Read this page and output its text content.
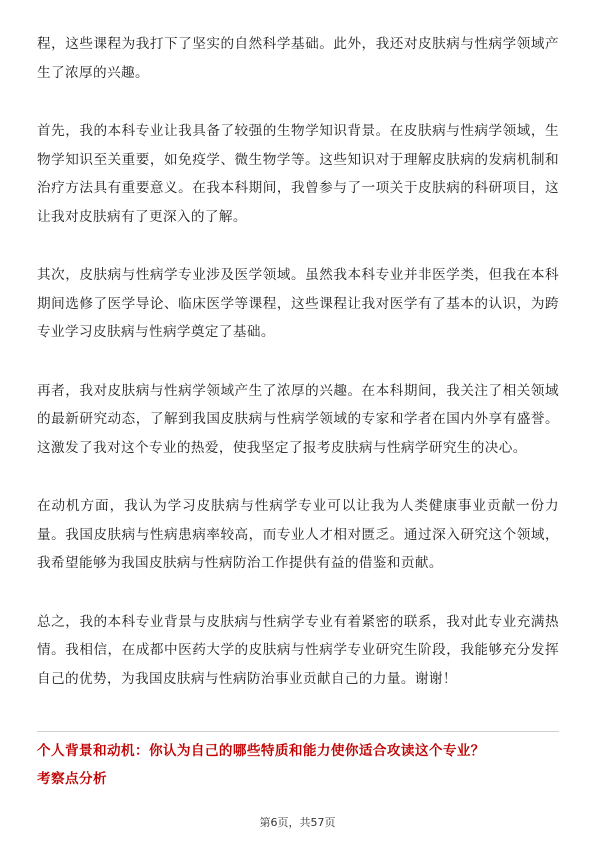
程，这些课程为我打下了坚实的自然科学基础。此外，我还对皮肤病与性病学领域产生了浓厚的兴趣。

首先，我的本科专业让我具备了较强的生物学知识背景。在皮肤病与性病学领域，生物学知识至关重要，如免疫学、微生物学等。这些知识对于理解皮肤病的发病机制和治疗方法具有重要意义。在我本科期间，我曾参与了一项关于皮肤病的科研项目，这让我对皮肤病有了更深入的了解。

其次，皮肤病与性病学专业涉及医学领域。虽然我本科专业并非医学类，但我在本科期间选修了医学导论、临床医学等课程，这些课程让我对医学有了基本的认识，为跨专业学习皮肤病与性病学奠定了基础。

再者，我对皮肤病与性病学领域产生了浓厚的兴趣。在本科期间，我关注了相关领域的最新研究动态，了解到我国皮肤病与性病学领域的专家和学者在国内外享有盛誉。这激发了我对这个专业的热爱，使我坚定了报考皮肤病与性病学研究生的决心。

在动机方面，我认为学习皮肤病与性病学专业可以让我为人类健康事业贡献一份力量。我国皮肤病与性病患病率较高，而专业人才相对匮乏。通过深入研究这个领域，我希望能够为我国皮肤病与性病防治工作提供有益的借鉴和贡献。

总之，我的本科专业背景与皮肤病与性病学专业有着紧密的联系，我对此专业充满热情。我相信，在成都中医药大学的皮肤病与性病学专业研究生阶段，我能够充分发挥自己的优势，为我国皮肤病与性病防治事业贡献自己的力量。谢谢！

个人背景和动机：你认为自己的哪些特质和能力使你适合攻读这个专业？

考察点分析

第6页，共57页
